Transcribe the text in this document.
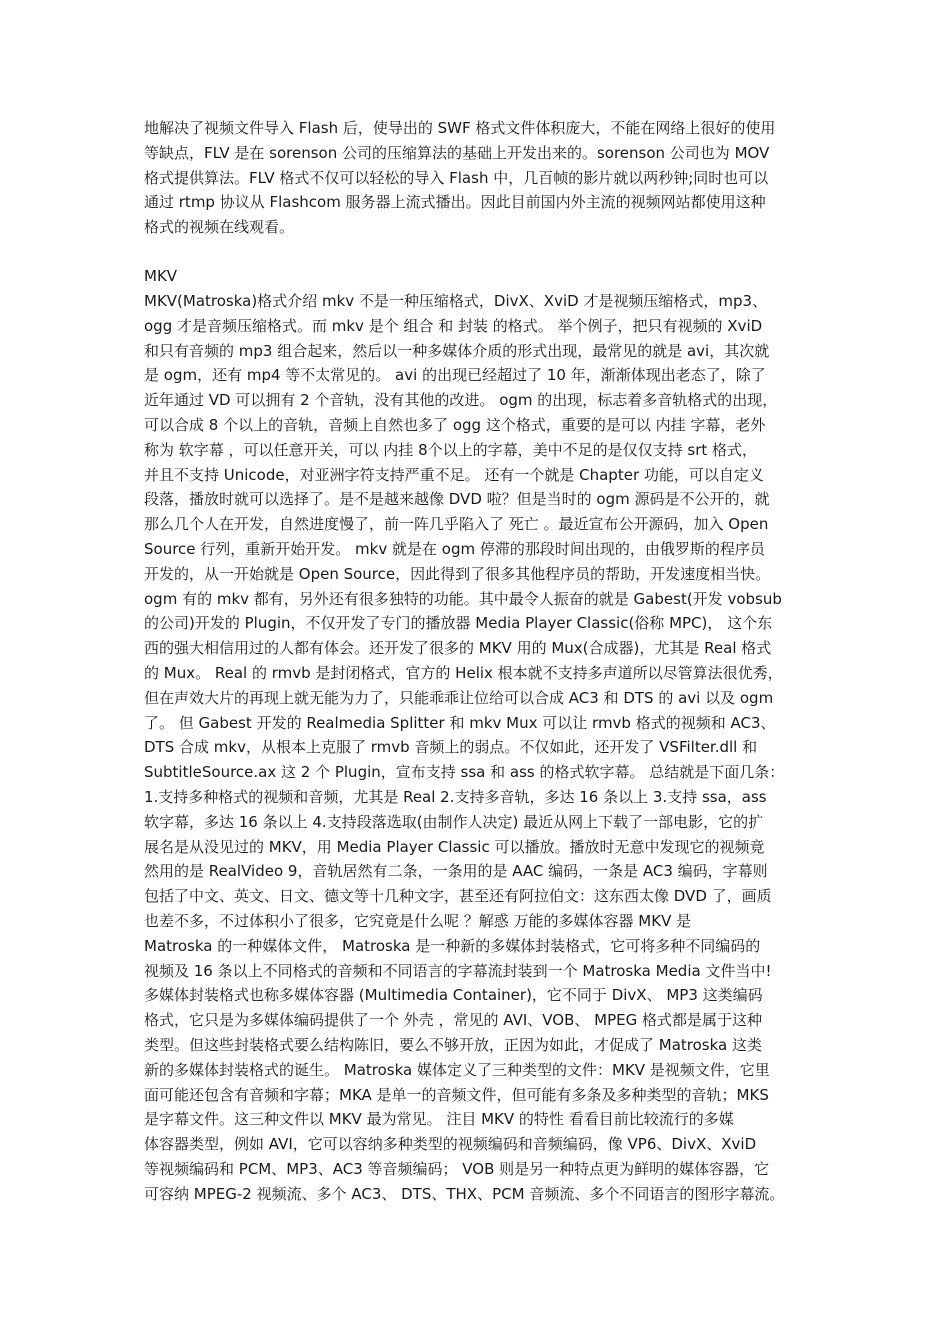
地解决了视频文件导入 Flash 后，使导出的 SWF 格式文件体积庞大，不能在网络上很好的使用
等缺点，FLV 是在 sorenson 公司的压缩算法的基础上开发出来的。sorenson 公司也为 MOV
格式提供算法。FLV 格式不仅可以轻松的导入 Flash 中，几百帧的影片就以两秒钟;同时也可以
通过 rtmp 协议从 Flashcom 服务器上流式播出。因此目前国内外主流的视频网站都使用这种
格式的视频在线观看。
MKV
MKV(Matroska)格式介绍 mkv 不是一种压缩格式，DivX、XviD 才是视频压缩格式，mp3、
ogg 才是音频压缩格式。而 mkv 是个 组合 和 封装 的格式。 举个例子，把只有视频的 XviD
和只有音频的 mp3 组合起来，然后以一种多媒体介质的形式出现，最常见的就是 avi，其次就
是 ogm，还有 mp4 等不太常见的。 avi 的出现已经超过了 10 年，渐渐体现出老态了，除了
近年通过 VD 可以拥有 2 个音轨，没有其他的改进。 ogm 的出现，标志着多音轨格式的出现，
可以合成 8 个以上的音轨，音频上自然也多了 ogg 这个格式，重要的是可以 内挂 字幕，老外
称为 软字幕 ，可以任意开关，可以 内挂 8个以上的字幕，美中不足的是仅仅支持 srt 格式，
并且不支持 Unicode，对亚洲字符支持严重不足。 还有一个就是 Chapter 功能，可以自定义
段落，播放时就可以选择了。是不是越来越像 DVD 啦？但是当时的 ogm 源码是不公开的，就
那么几个人在开发，自然进度慢了，前一阵几乎陷入了 死亡 。最近宣布公开源码，加入 Open
Source 行列，重新开始开发。 mkv 就是在 ogm 停滞的那段时间出现的，由俄罗斯的程序员
开发的，从一开始就是 Open Source，因此得到了很多其他程序员的帮助，开发速度相当快。
ogm 有的 mkv 都有，另外还有很多独特的功能。其中最令人振奋的就是 Gabest(开发 vobsub
的公司)开发的 Plugin，不仅开发了专门的播放器 Media Player Classic(俗称 MPC)， 这个东
西的强大相信用过的人都有体会。还开发了很多的 MKV 用的 Mux(合成器)，尤其是 Real 格式
的 Mux。 Real 的 rmvb 是封闭格式，官方的 Helix 根本就不支持多声道所以尽管算法很优秀，
但在声效大片的再现上就无能为力了，只能乖乖让位给可以合成 AC3 和 DTS 的 avi 以及 ogm
了。 但 Gabest 开发的 Realmedia Splitter 和 mkv Mux 可以让 rmvb 格式的视频和 AC3、
DTS 合成 mkv，从根本上克服了 rmvb 音频上的弱点。不仅如此，还开发了 VSFilter.dll 和
SubtitleSource.ax 这 2 个 Plugin，宣布支持 ssa 和 ass 的格式软字幕。 总结就是下面几条：
1.支持多种格式的视频和音频，尤其是 Real 2.支持多音轨，多达 16 条以上 3.支持 ssa，ass
软字幕，多达 16 条以上 4.支持段落选取(由制作人决定) 最近从网上下载了一部电影，它的扩
展名是从没见过的 MKV，用 Media Player Classic 可以播放。播放时无意中发现它的视频竟
然用的是 RealVideo 9，音轨居然有二条，一条用的是 AAC 编码，一条是 AC3 编码，字幕则
包括了中文、英文、日文、德文等十几种文字，甚至还有阿拉伯文：这东西太像 DVD 了，画质
也差不多，不过体积小了很多，它究竟是什么呢 ？解惑 万能的多媒体容器 MKV 是
Matroska 的一种媒体文件， Matroska 是一种新的多媒体封装格式，它可将多种不同编码的
视频及 16 条以上不同格式的音频和不同语言的字幕流封装到一个 Matroska Media 文件当中!
多媒体封装格式也称多媒体容器 (Multimedia Container)，它不同于 DivX、 MP3 这类编码
格式，它只是为多媒体编码提供了一个 外壳 ，常见的 AVI、VOB、 MPEG 格式都是属于这种
类型。但这些封装格式要么结构陈旧，要么不够开放，正因为如此，才促成了 Matroska 这类
新的多媒体封装格式的诞生。 Matroska 媒体定义了三种类型的文件：MKV 是视频文件，它里
面可能还包含有音频和字幕；MKA 是单一的音频文件，但可能有多条及多种类型的音轨；MKS
是字幕文件。这三种文件以 MKV 最为常见。 注目 MKV 的特性 看看目前比较流行的多媒
体容器类型，例如 AVI，它可以容纳多种类型的视频编码和音频编码，像 VP6、DivX、XviD
等视频编码和 PCM、MP3、AC3 等音频编码； VOB 则是另一种特点更为鲜明的媒体容器，它
可容纳 MPEG-2 视频流、多个 AC3、 DTS、THX、PCM 音频流、多个不同语言的图形字幕流。
